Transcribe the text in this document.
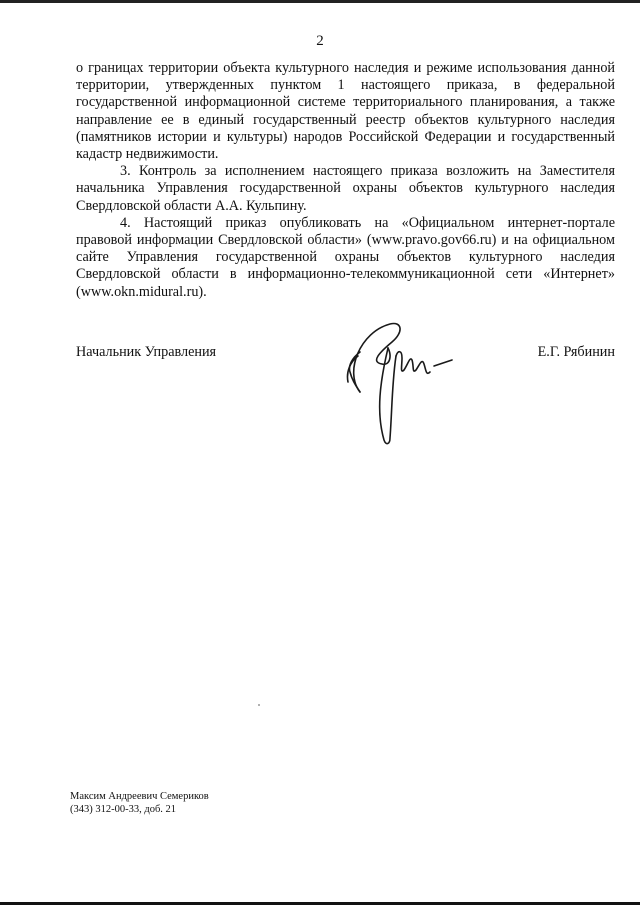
2

о границах территории объекта культурного наследия и режиме использования данной территории, утвержденных пунктом 1 настоящего приказа, в федеральной государственной информационной системе территориального планирования, а также направление ее в единый государственный реестр объектов культурного наследия (памятников истории и культуры) народов Российской Федерации и государственный кадастр недвижимости.

3. Контроль за исполнением настоящего приказа возложить на Заместителя начальника Управления государственной охраны объектов культурного наследия Свердловской области А.А. Кульпину.

4. Настоящий приказ опубликовать на «Официальном интернет-портале правовой информации Свердловской области» (www.pravo.gov66.ru) и на официальном сайте Управления государственной охраны объектов культурного наследия Свердловской области в информационно-телекоммуникационной сети «Интернет» (www.okn.midural.ru).

Начальник Управления	Е.Г. Рябинин
Максим Андреевич Семериков
(343) 312-00-33, доб. 21
